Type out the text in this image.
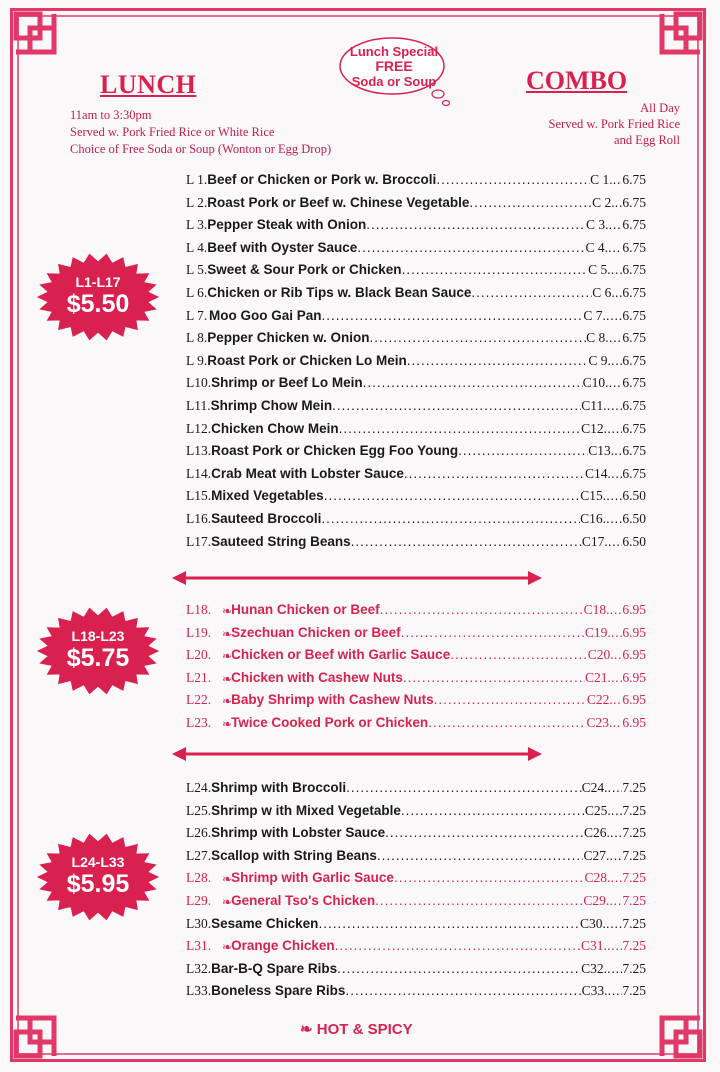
LUNCH
11am to 3:30pm
Served w. Pork Fried Rice or White Rice
Choice of Free Soda or Soup (Wonton or Egg Drop)
Lunch Special
FREE
Soda or Soup	COMBO
All Day
Served w. Pork Fried Rice
and Egg Roll
L1-L17
$5.50
L18-L23
$5.75
L24-L33
$5.95
L 1. Beef or Chicken or Pork w. Broccoli .....	C 1. ..... 6.75
L 2. Roast Pork or Beef w. Chinese Vegetable .....	C 2. ..... 6.75
L 3. Pepper Steak with Onion .....	C 3. ..... 6.75
L 4. Beef with Oyster Sauce .....	C 4. ..... 6.75
L 5. Sweet & Sour Pork or Chicken .....	C 5. ..... 6.75
L 6. Chicken or Rib Tips w. Black Bean Sauce .....	C 6. ..... 6.75
L 7. Moo Goo Gai Pan .....	C 7. ..... 6.75
L 8. Pepper Chicken w. Onion .....	C 8. ..... 6.75
L 9. Roast Pork or Chicken Lo Mein .....	C 9. ..... 6.75
L10. Shrimp or Beef Lo Mein .....	C10. ..... 6.75
L11. Shrimp Chow Mein .....	C11. ..... 6.75
L12. Chicken Chow Mein .....	C12. ..... 6.75
L13. Roast Pork or Chicken Egg Foo Young .....	C13. ..... 6.75
L14. Crab Meat with Lobster Sauce .....	C14. ..... 6.75
L15. Mixed Vegetables .....	C15. ..... 6.50
L16. Sauteed Broccoli .....	C16. ..... 6.50
L17. Sauteed String Beans .....	C17. ..... 6.50
L18. ❧ Hunan Chicken or Beef .....	C18. ..... 6.95
L19. ❧ Szechuan Chicken or Beef .....	C19. ..... 6.95
L20. ❧ Chicken or Beef with Garlic Sauce .....	C20. ..... 6.95
L21. ❧ Chicken with Cashew Nuts .....	C21. ..... 6.95
L22. ❧ Baby Shrimp with Cashew Nuts .....	C22. ..... 6.95
L23. ❧ Twice Cooked Pork or Chicken .....	C23. ..... 6.95
L24. Shrimp with Broccoli .....	C24. ..... 7.25
L25. Shrimp w ith Mixed Vegetable .....	C25. ..... 7.25
L26. Shrimp with Lobster Sauce .....	C26. ..... 7.25
L27. Scallop with String Beans .....	C27. ..... 7.25
L28. ❧ Shrimp with Garlic Sauce .....	C28. ..... 7.25
L29. ❧ General Tso's Chicken .....	C29. ..... 7.25
L30. Sesame Chicken .....	C30. ..... 7.25
L31. ❧ Orange Chicken .....	C31. ..... 7.25
L32. Bar-B-Q Spare Ribs .....	C32. ..... 7.25
L33. Boneless Spare Ribs .....	C33. ..... 7.25
❧ HOT & SPICY
